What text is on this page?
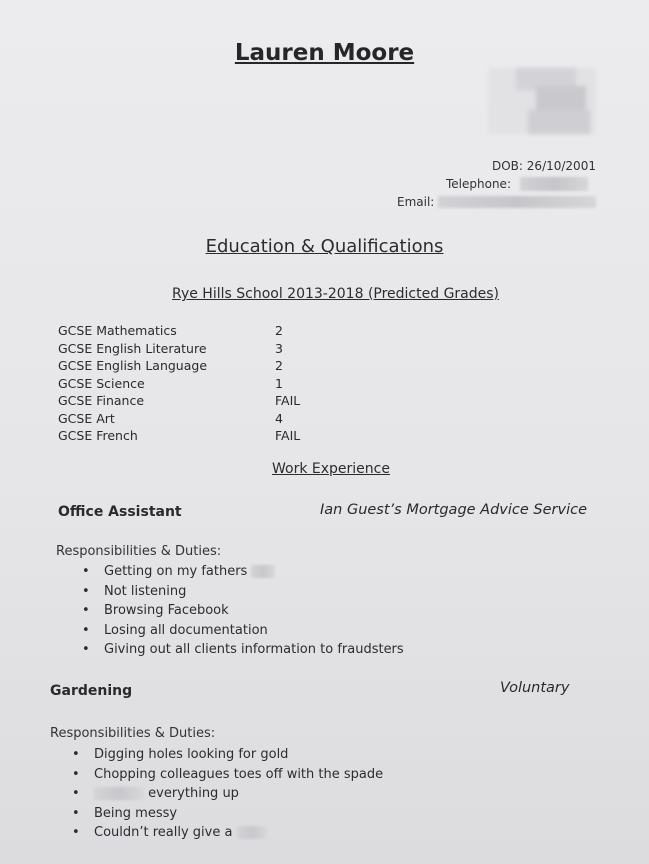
Lauren Moore
DOB: 26/10/2001
Telephone:
Email:
Education & Qualifications
Rye Hills School 2013-2018 (Predicted Grades)
GCSE Mathematics	2
GCSE English Literature	3
GCSE English Language	2
GCSE Science	1
GCSE Finance	FAIL
GCSE Art	4
GCSE French	FAIL
Work Experience
Office Assistant	Ian Guest’s Mortgage Advice Service
Responsibilities & Duties:
• Getting on my fathers
• Not listening
• Browsing Facebook
• Losing all documentation
• Giving out all clients information to fraudsters
Gardening	Voluntary
Responsibilities & Duties:
• Digging holes looking for gold
• Chopping colleagues toes off with the spade
•	everything up
• Being messy
• Couldn’t really give a
